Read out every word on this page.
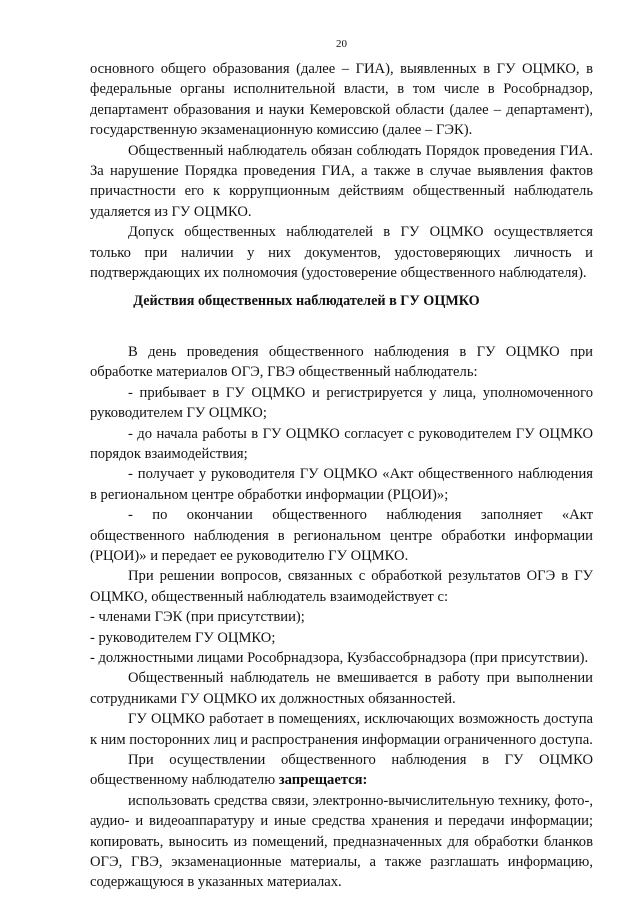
20

основного общего образования (далее – ГИА), выявленных в ГУ ОЦМКО, в федеральные органы исполнительной власти, в том числе в Рособрнадзор, департамент образования и науки Кемеровской области (далее – департамент), государственную экзаменационную комиссию (далее – ГЭК).

Общественный наблюдатель обязан соблюдать Порядок проведения ГИА. За нарушение Порядка проведения ГИА, а также в случае выявления фактов причастности его к коррупционным действиям общественный наблюдатель удаляется из ГУ ОЦМКО.

Допуск общественных наблюдателей в ГУ ОЦМКО осуществляется только при наличии у них документов, удостоверяющих личность и подтверждающих их полномочия (удостоверение общественного наблюдателя).

Действия общественных наблюдателей в ГУ ОЦМКО

В день проведения общественного наблюдения в ГУ ОЦМКО при обработке материалов ОГЭ, ГВЭ общественный наблюдатель:

- прибывает в ГУ ОЦМКО и регистрируется у лица, уполномоченного руководителем ГУ ОЦМКО;

- до начала работы в ГУ ОЦМКО согласует с руководителем ГУ ОЦМКО порядок взаимодействия;

- получает у руководителя ГУ ОЦМКО «Акт общественного наблюдения в региональном центре обработки информации (РЦОИ)»;

- по окончании общественного наблюдения заполняет «Акт общественного наблюдения в региональном центре обработки информации (РЦОИ)» и передает ее руководителю ГУ ОЦМКО.

При решении вопросов, связанных с обработкой результатов ОГЭ в ГУ ОЦМКО, общественный наблюдатель взаимодействует с:

- членами ГЭК (при присутствии);

- руководителем ГУ ОЦМКО;

- должностными лицами Рособрнадзора, Кузбассобрнадзора (при присутствии).

Общественный наблюдатель не вмешивается в работу при выполнении сотрудниками ГУ ОЦМКО их должностных обязанностей.

ГУ ОЦМКО работает в помещениях, исключающих возможность доступа к ним посторонних лиц и распространения информации ограниченного доступа.

При осуществлении общественного наблюдения в ГУ ОЦМКО общественному наблюдателю запрещается:

использовать средства связи, электронно-вычислительную технику, фото-, аудио- и видеоаппаратуру и иные средства хранения и передачи информации; копировать, выносить из помещений, предназначенных для обработки бланков ОГЭ, ГВЭ, экзаменационные материалы, а также разглашать информацию, содержащуюся в указанных материалах.
